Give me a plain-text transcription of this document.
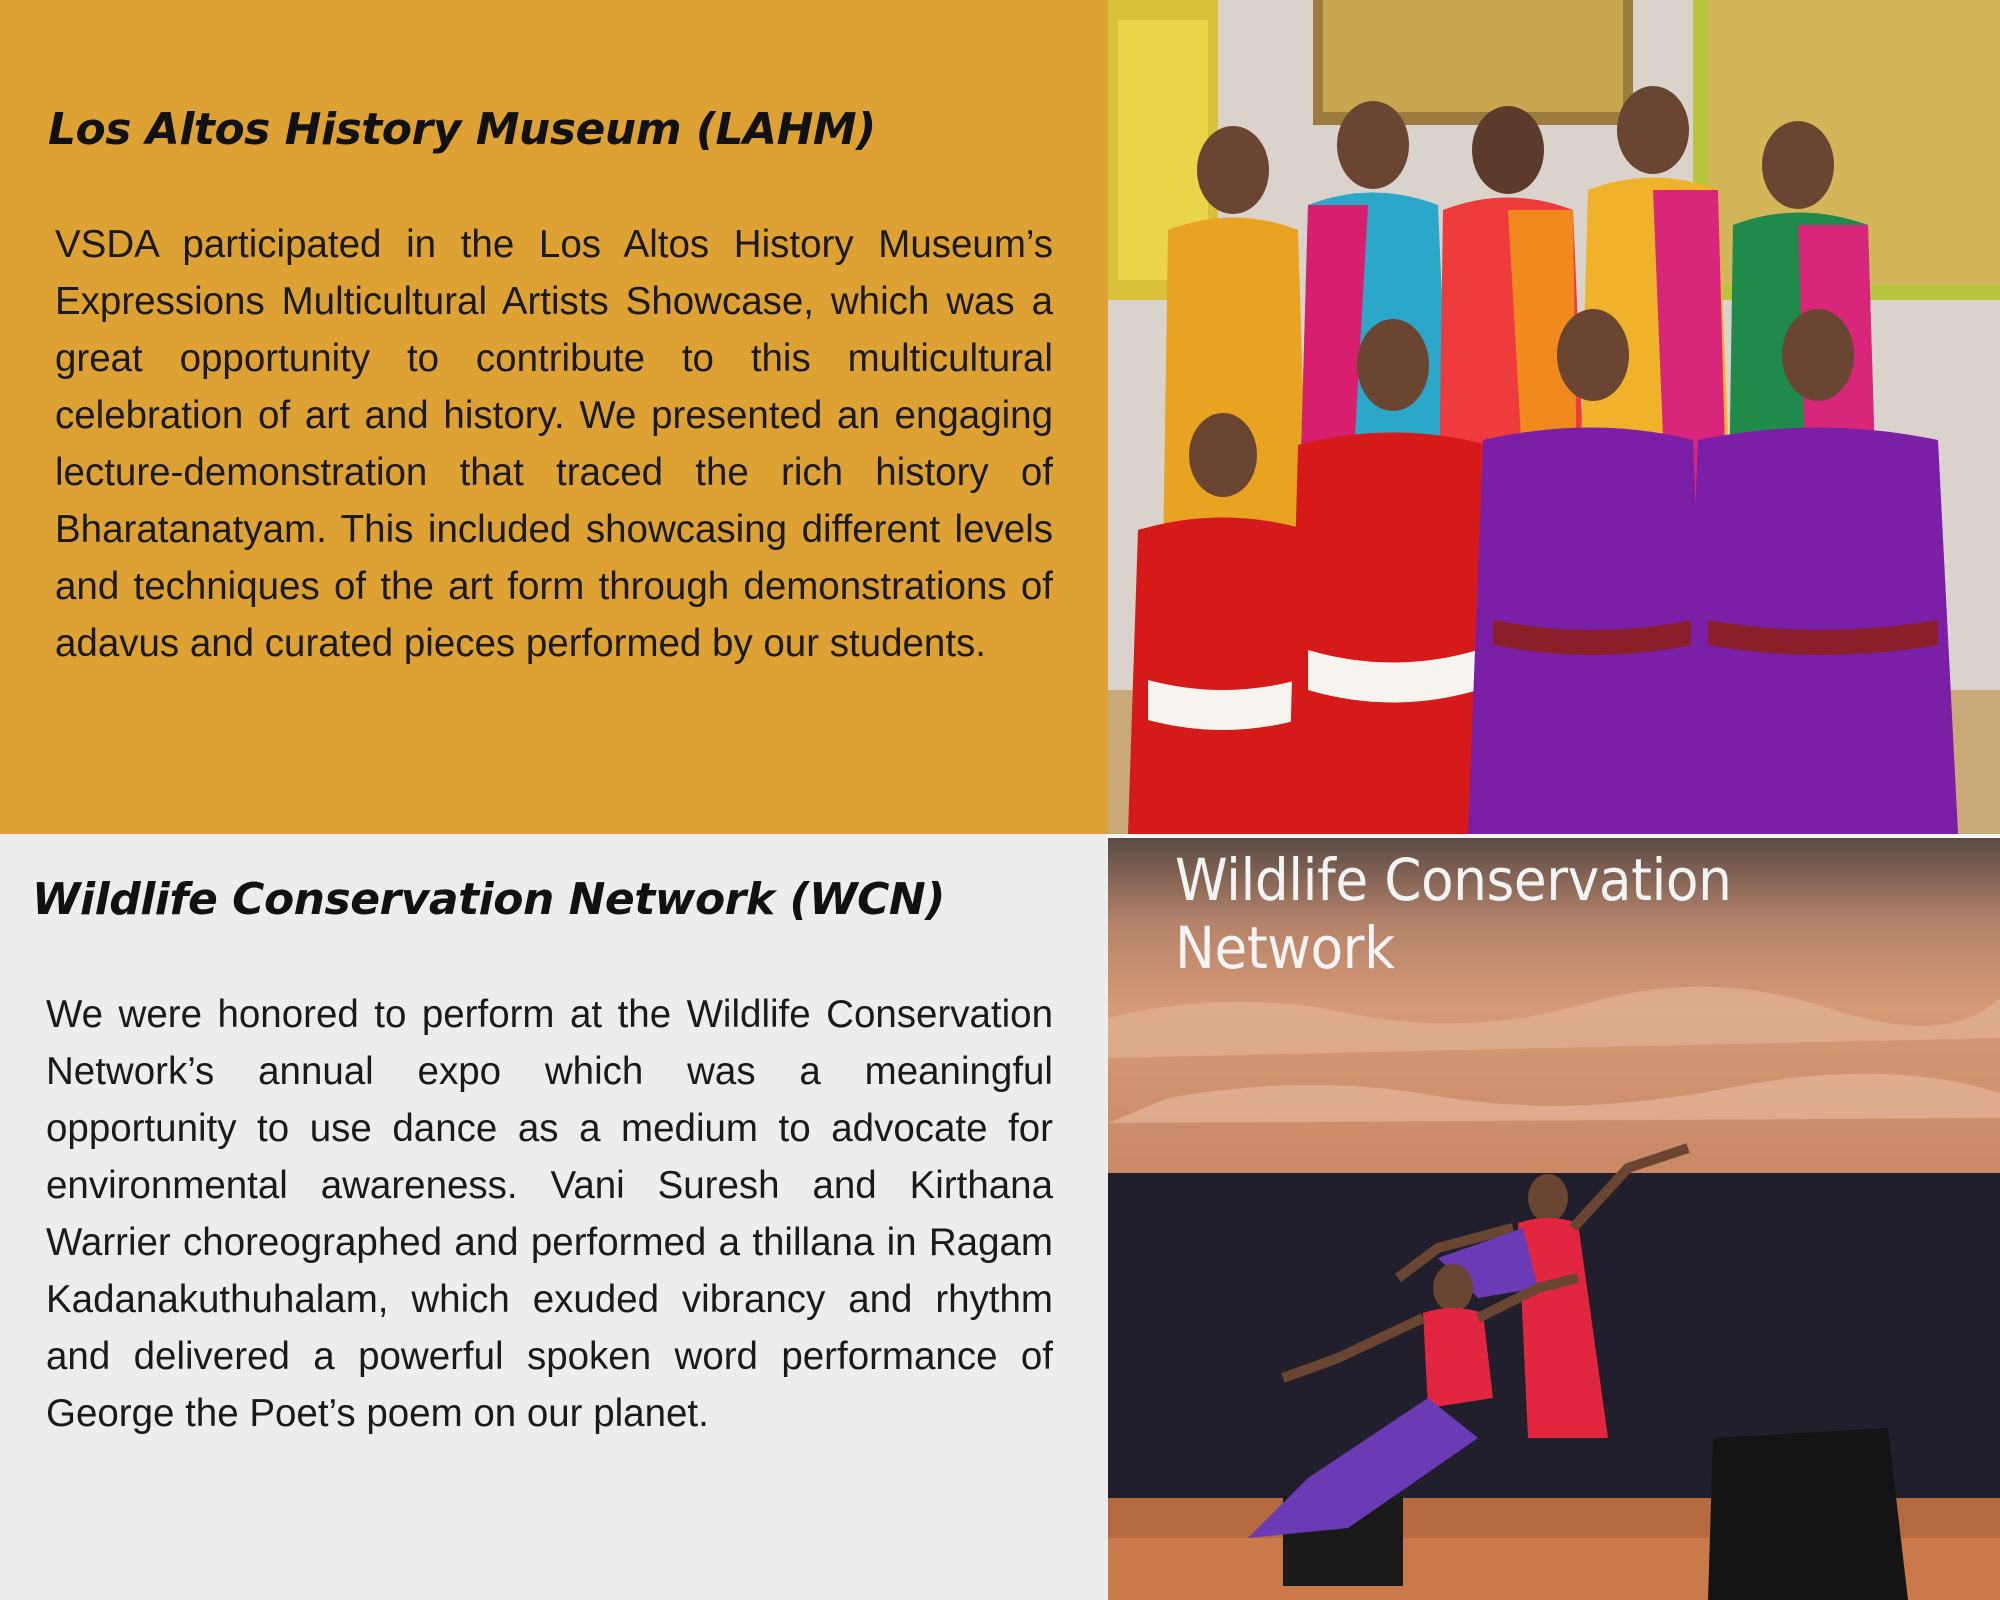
Los Altos History Museum (LAHM)

VSDA participated in the Los Altos History Museum’s Expressions Multicultural Artists Showcase, which was a great opportunity to contribute to this multicultural celebration of art and history. We presented an engaging lecture-demonstration that traced the rich history of Bharatanatyam. This included showcasing different levels and techniques of the art form through demonstrations of adavus and curated pieces performed by our students.

Wildlife Conservation Network (WCN)

We were honored to perform at the Wildlife Conservation Network’s annual expo which was a meaningful opportunity to use dance as a medium to advocate for environmental awareness. Vani Suresh and Kirthana Warrier choreographed and performed a thillana in Ragam Kadanakuthuhalam, which exuded vibrancy and rhythm and delivered a powerful spoken word performance of George the Poet’s poem on our planet.

Wildlife Conservation Network
